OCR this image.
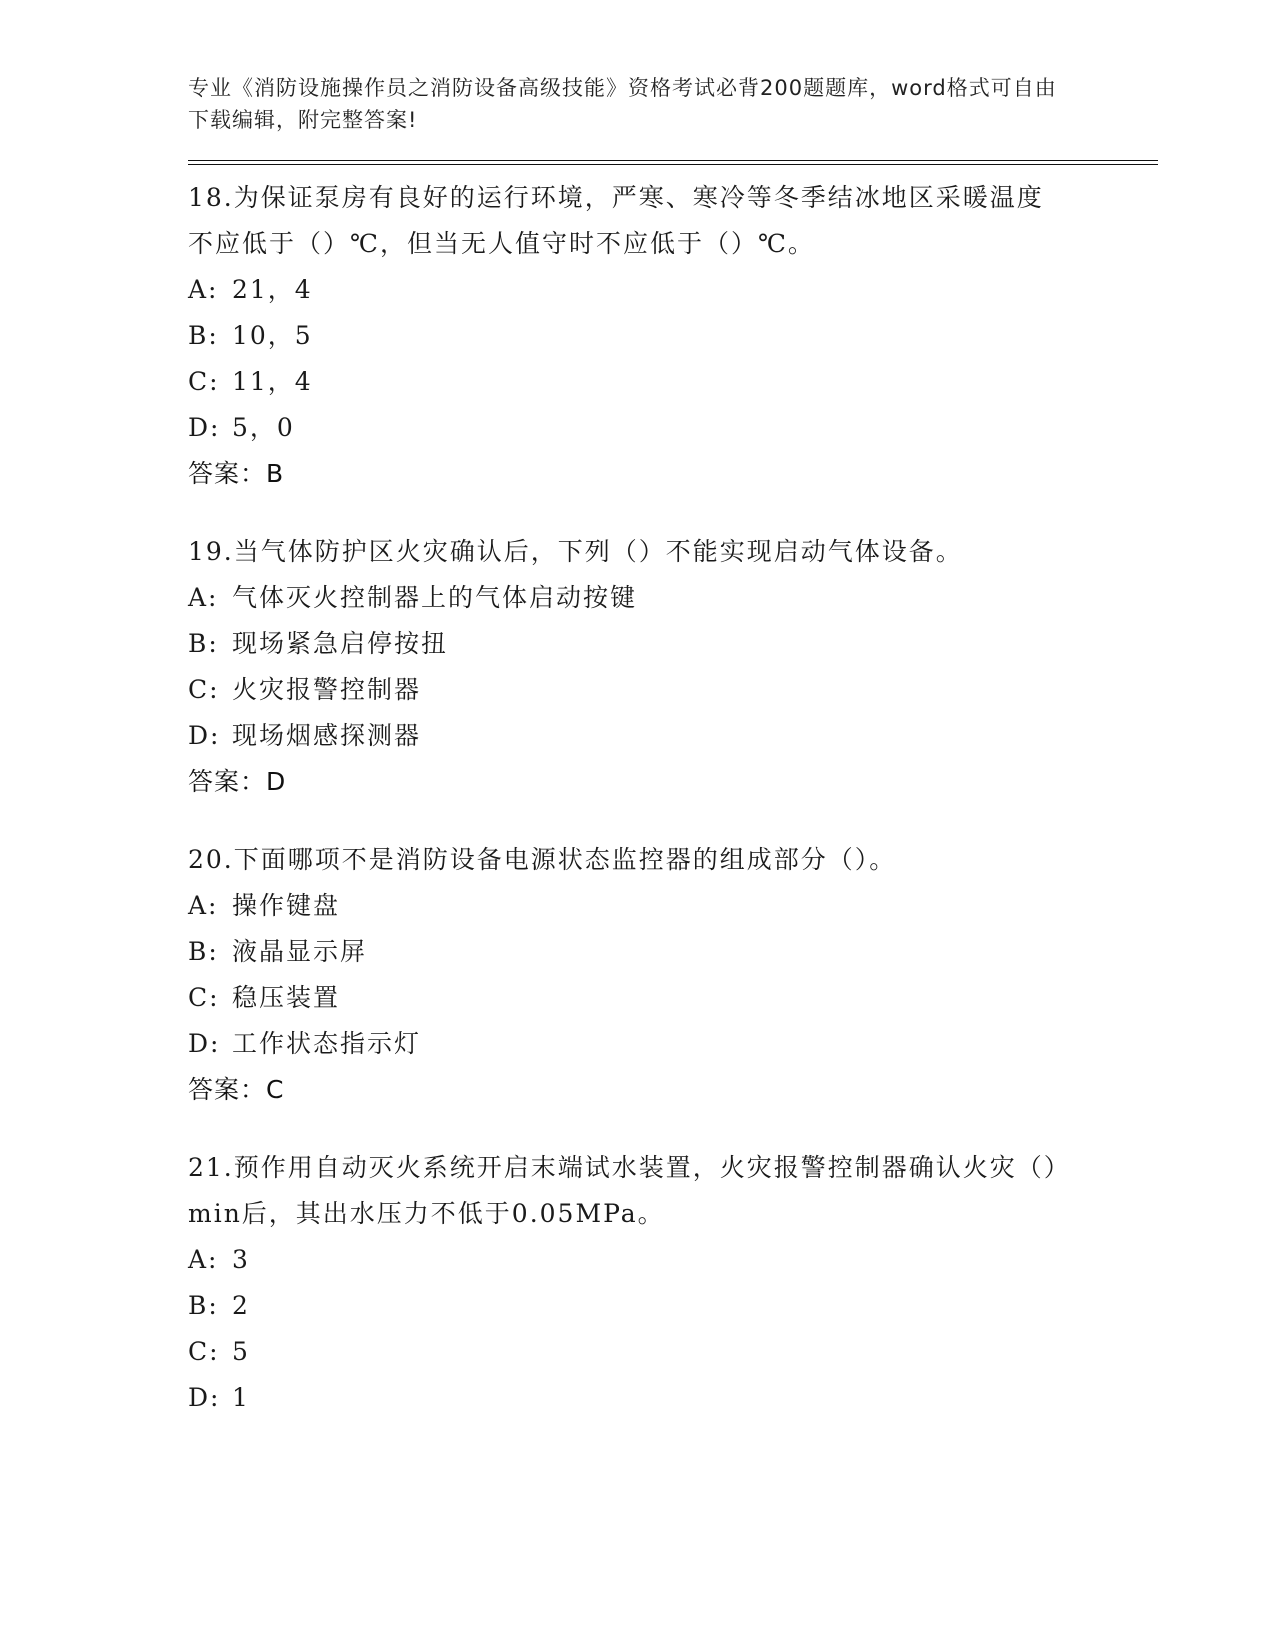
专业《消防设施操作员之消防设备高级技能》资格考试必背200题题库，word格式可自由下载编辑，附完整答案!

18.为保证泵房有良好的运行环境，严寒、寒冷等冬季结冰地区采暖温度不应低于（）℃，但当无人值守时不应低于（）℃。

A: 21，4
B: 10，5
C: 11，4
D: 5，0
答案：B

19.当气体防护区火灾确认后，下列（）不能实现启动气体设备。

A: 气体灭火控制器上的气体启动按键
B: 现场紧急启停按扭
C: 火灾报警控制器
D: 现场烟感探测器
答案：D

20.下面哪项不是消防设备电源状态监控器的组成部分（）。

A: 操作键盘
B: 液晶显示屏
C: 稳压装置
D: 工作状态指示灯
答案：C

21.预作用自动灭火系统开启末端试水装置，火灾报警控制器确认火灾（）min后，其出水压力不低于0.05MPa。

A: 3
B: 2
C: 5
D: 1
